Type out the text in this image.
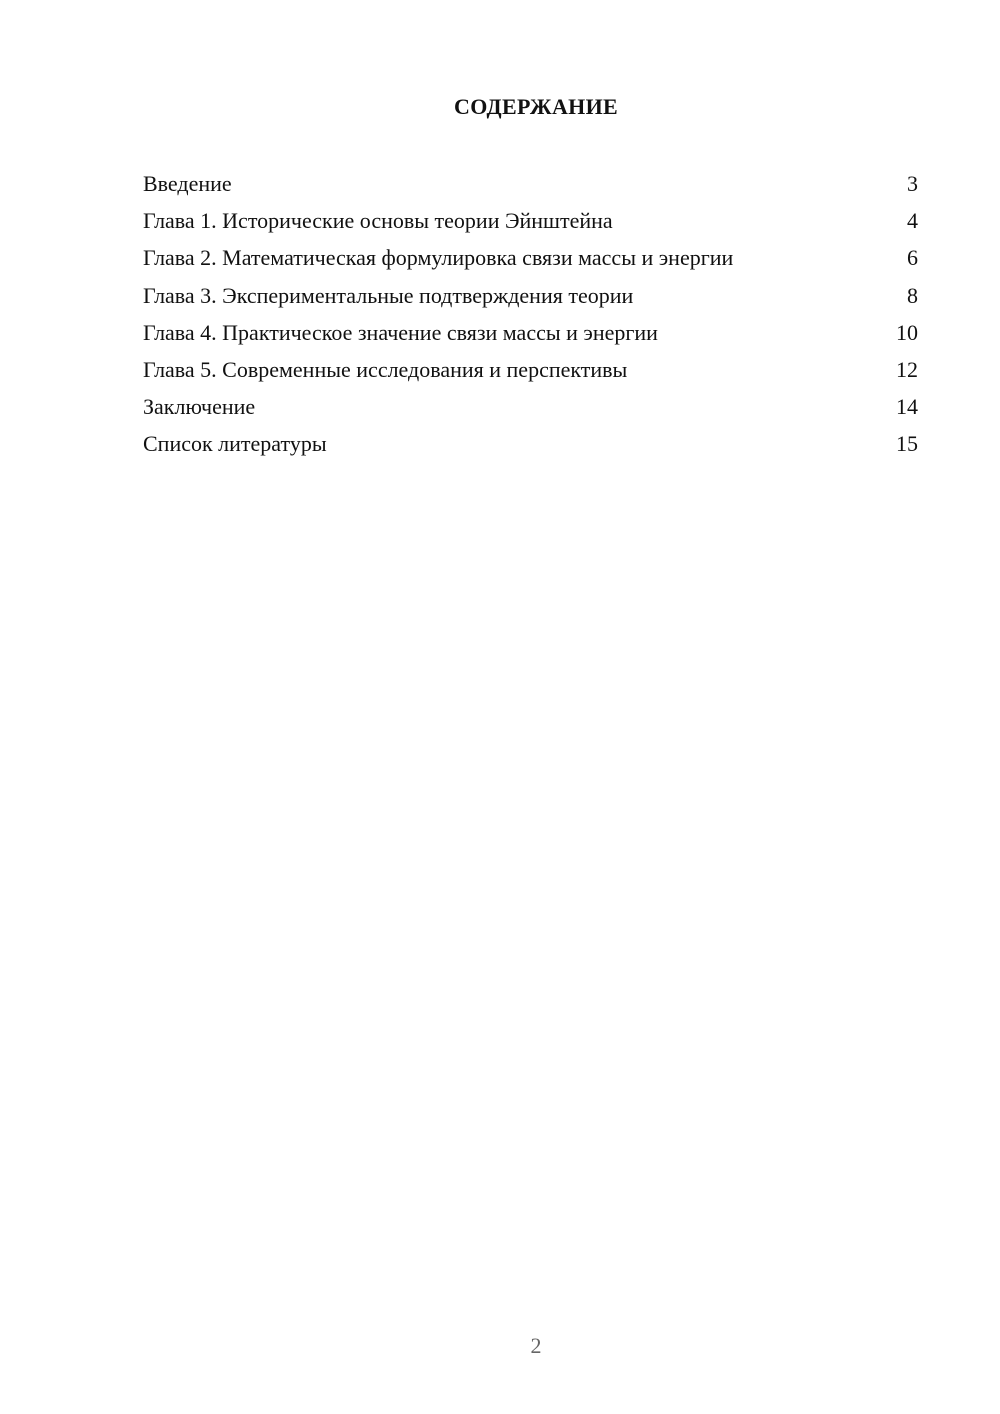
СОДЕРЖАНИЕ
Введение	3
Глава 1. Исторические основы теории Эйнштейна	4
Глава 2. Математическая формулировка связи массы и энергии	6
Глава 3. Экспериментальные подтверждения теории	8
Глава 4. Практическое значение связи массы и энергии	10
Глава 5. Современные исследования и перспективы	12
Заключение	14
Список литературы	15
2
